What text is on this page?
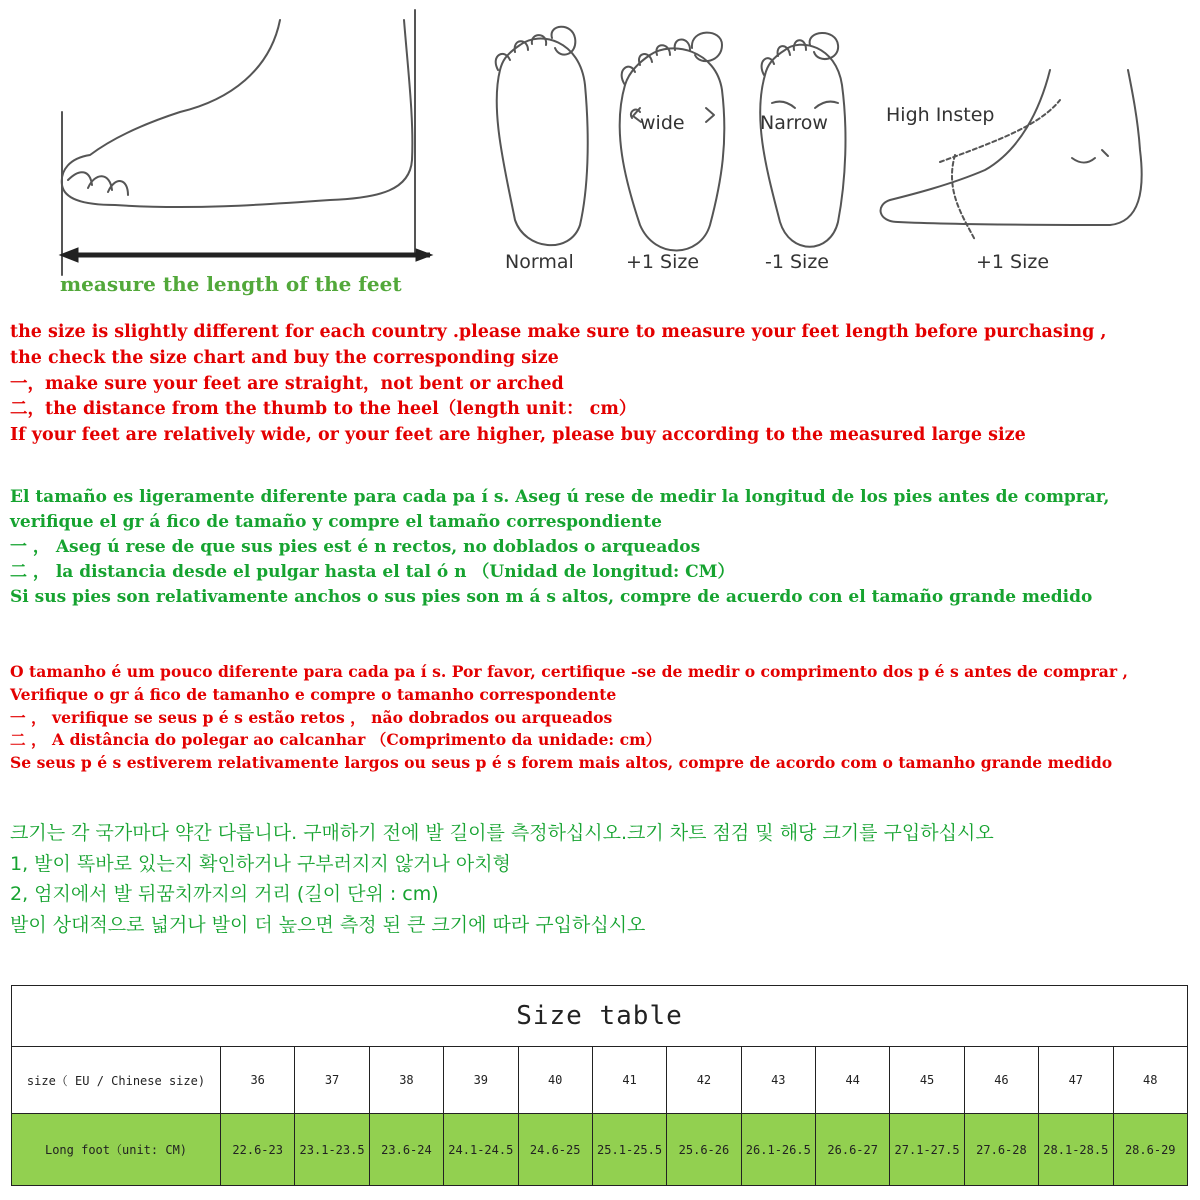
measure the length of the feet
Normal
wide
+1 Size
Narrow
-1 Size
High Instep
+1 Size
the size is slightly different for each country .please make sure to measure your feet length before purchasing ,
the check the size chart and buy the corresponding size
一，make sure your feet are straight，not bent or arched
二，the distance from the thumb to the heel（length unit： cm）
If your feet are relatively wide, or your feet are higher, please buy according to the measured large size
El tamaño es ligeramente diferente para cada pa í s. Aseg ú rese de medir la longitud de los pies antes de comprar,
verifique el gr á fico de tamaño y compre el tamaño correspondiente
一 ， Aseg ú rese de que sus pies est é n rectos, no doblados o arqueados
二 ， la distancia desde el pulgar hasta el tal ó n （Unidad de longitud: CM）
Si sus pies son relativamente anchos o sus pies son m á s altos, compre de acuerdo con el tamaño grande medido
O tamanho é um pouco diferente para cada pa í s. Por favor, certifique -se de medir o comprimento dos p é s antes de comprar ,
Verifique o gr á fico de tamanho e compre o tamanho correspondente
一 ， verifique se seus p é s estão retos ， não dobrados ou arqueados
二 ， A distância do polegar ao calcanhar （Comprimento da unidade: cm）
Se seus p é s estiverem relativamente largos ou seus p é s forem mais altos, compre de acordo com o tamanho grande medido
크기는 각 국가마다 약간 다릅니다. 구매하기 전에 발 길이를 측정하십시오.크기 차트 점검 및 해당 크기를 구입하십시오
1, 발이 똑바로 있는지 확인하거나 구부러지지 않거나 아치형
2, 엄지에서 발 뒤꿈치까지의 거리 (길이 단위 : cm)
발이 상대적으로 넓거나 발이 더 높으면 측정 된 큰 크기에 따라 구입하십시오
Size table													
size（ EU / Chinese size)	36	37	38	39	40	41	42	43	44	45	46	47	48
Long foot（unit: CM)	22.6-23	23.1-23.5	23.6-24	24.1-24.5	24.6-25	25.1-25.5	25.6-26	26.1-26.5	26.6-27	27.1-27.5	27.6-28	28.1-28.5	28.6-29
